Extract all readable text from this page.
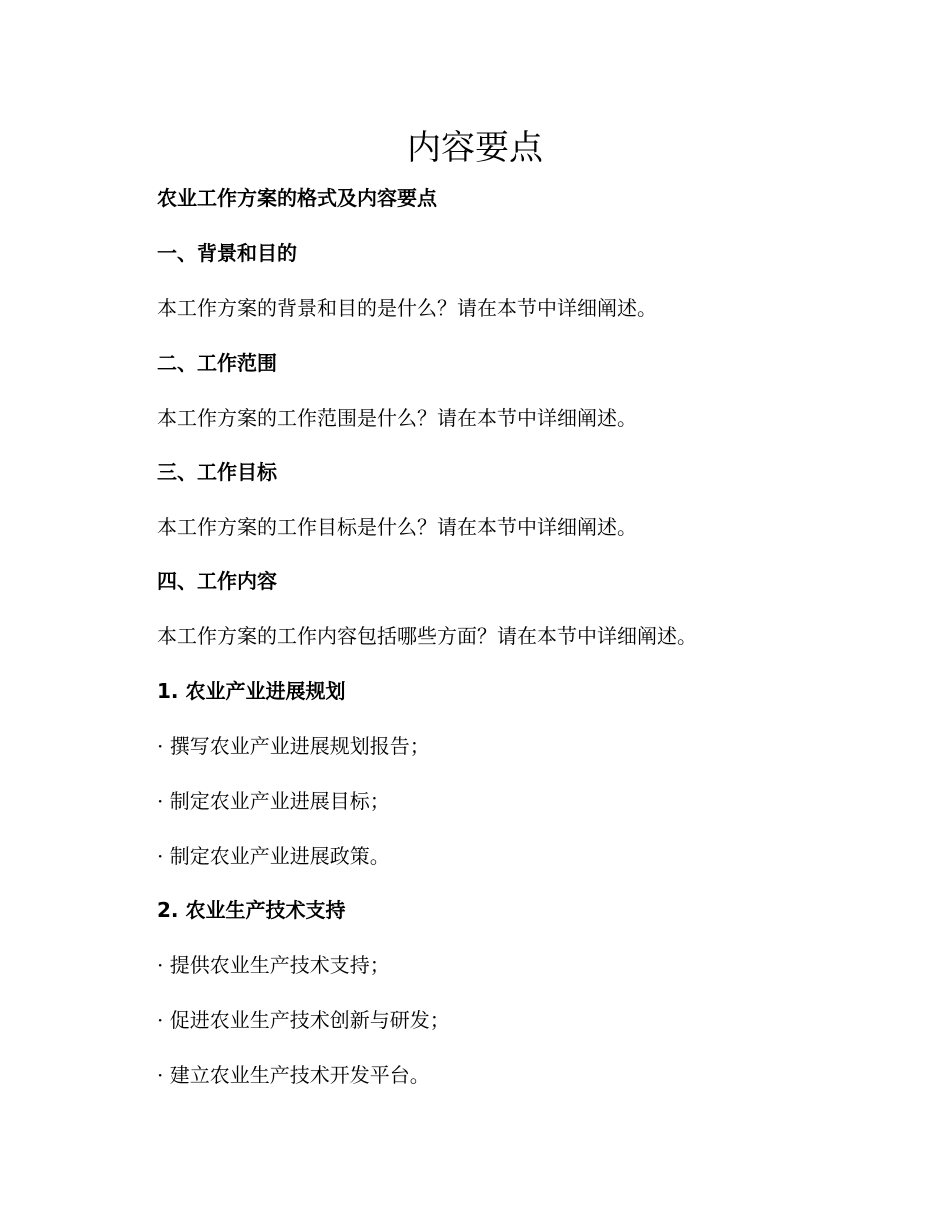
内容要点
农业工作方案的格式及内容要点
一、背景和目的
本工作方案的背景和目的是什么？请在本节中详细阐述。
二、工作范围
本工作方案的工作范围是什么？请在本节中详细阐述。
三、工作目标
本工作方案的工作目标是什么？请在本节中详细阐述。
四、工作内容
本工作方案的工作内容包括哪些方面？请在本节中详细阐述。
1. 农业产业进展规划
· 撰写农业产业进展规划报告；
· 制定农业产业进展目标；
· 制定农业产业进展政策。
2. 农业生产技术支持
· 提供农业生产技术支持；
· 促进农业生产技术创新与研发；
· 建立农业生产技术开发平台。
